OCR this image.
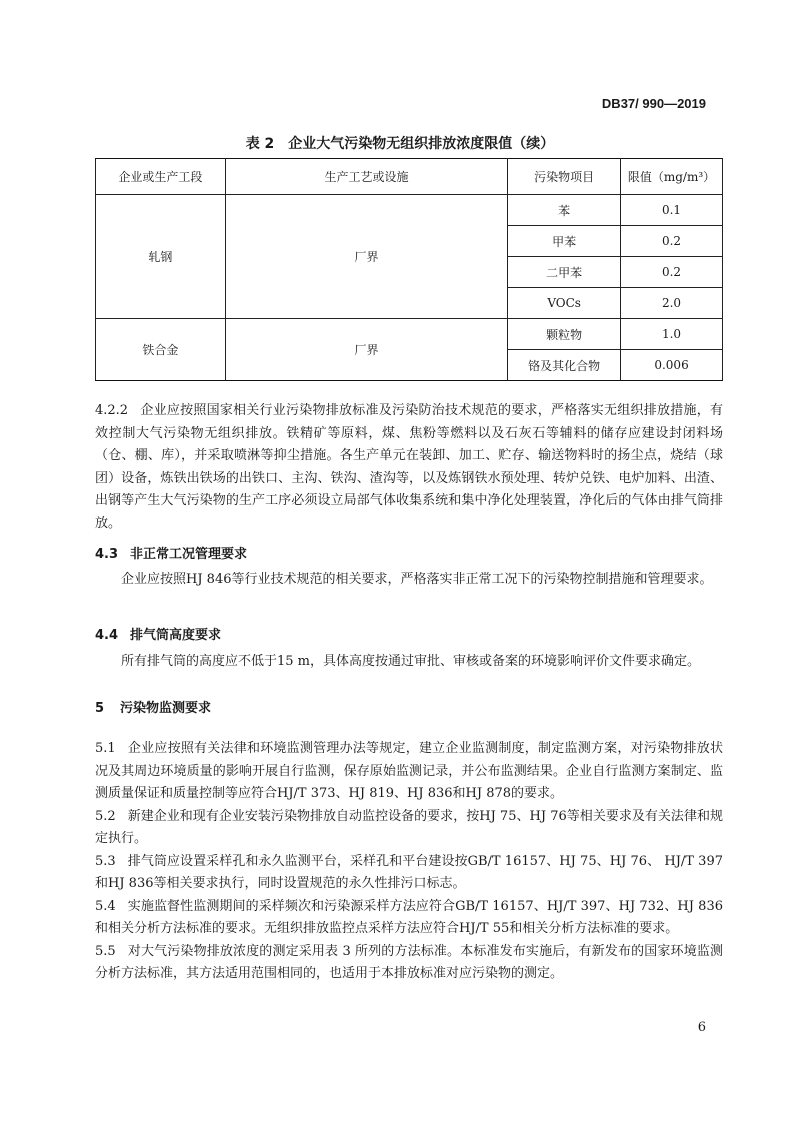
DB37/ 990—2019
表 2　企业大气污染物无组织排放浓度限值（续）
企业或生产工段	生产工艺或设施	污染物项目	限值（mg/m³）
轧钢	厂界	苯	0.1
		甲苯	0.2
		二甲苯	0.2
		VOCs	2.0
铁合金	厂界	颗粒物	1.0
		铬及其化合物	0.006
4.2.2 企业应按照国家相关行业污染物排放标准及污染防治技术规范的要求，严格落实无组织排放措施，有效控制大气污染物无组织排放。铁精矿等原料，煤、焦粉等燃料以及石灰石等辅料的储存应建设封闭料场（仓、棚、库），并采取喷淋等抑尘措施。各生产单元在装卸、加工、贮存、输送物料时的扬尘点，烧结（球团）设备，炼铁出铁场的出铁口、主沟、铁沟、渣沟等，以及炼钢铁水预处理、转炉兑铁、电炉加料、出渣、出钢等产生大气污染物的生产工序必须设立局部气体收集系统和集中净化处理装置，净化后的气体由排气筒排放。
4.3 非正常工况管理要求
企业应按照HJ 846等行业技术规范的相关要求，严格落实非正常工况下的污染物控制措施和管理要求。
4.4 排气筒高度要求
所有排气筒的高度应不低于15 m，具体高度按通过审批、审核或备案的环境影响评价文件要求确定。
5 污染物监测要求
5.1 企业应按照有关法律和环境监测管理办法等规定，建立企业监测制度，制定监测方案，对污染物排放状况及其周边环境质量的影响开展自行监测，保存原始监测记录，并公布监测结果。企业自行监测方案制定、监测质量保证和质量控制等应符合HJ/T 373、HJ 819、HJ 836和HJ 878的要求。
5.2 新建企业和现有企业安装污染物排放自动监控设备的要求，按HJ 75、HJ 76等相关要求及有关法律和规定执行。
5.3 排气筒应设置采样孔和永久监测平台，采样孔和平台建设按GB/T 16157、HJ 75、HJ 76、 HJ/T 397和HJ 836等相关要求执行，同时设置规范的永久性排污口标志。
5.4 实施监督性监测期间的采样频次和污染源采样方法应符合GB/T 16157、HJ/T 397、HJ 732、HJ 836和相关分析方法标准的要求。无组织排放监控点采样方法应符合HJ/T 55和相关分析方法标准的要求。
5.5 对大气污染物排放浓度的测定采用表 3 所列的方法标准。本标准发布实施后，有新发布的国家环境监测分析方法标准，其方法适用范围相同的，也适用于本排放标准对应污染物的测定。
6
